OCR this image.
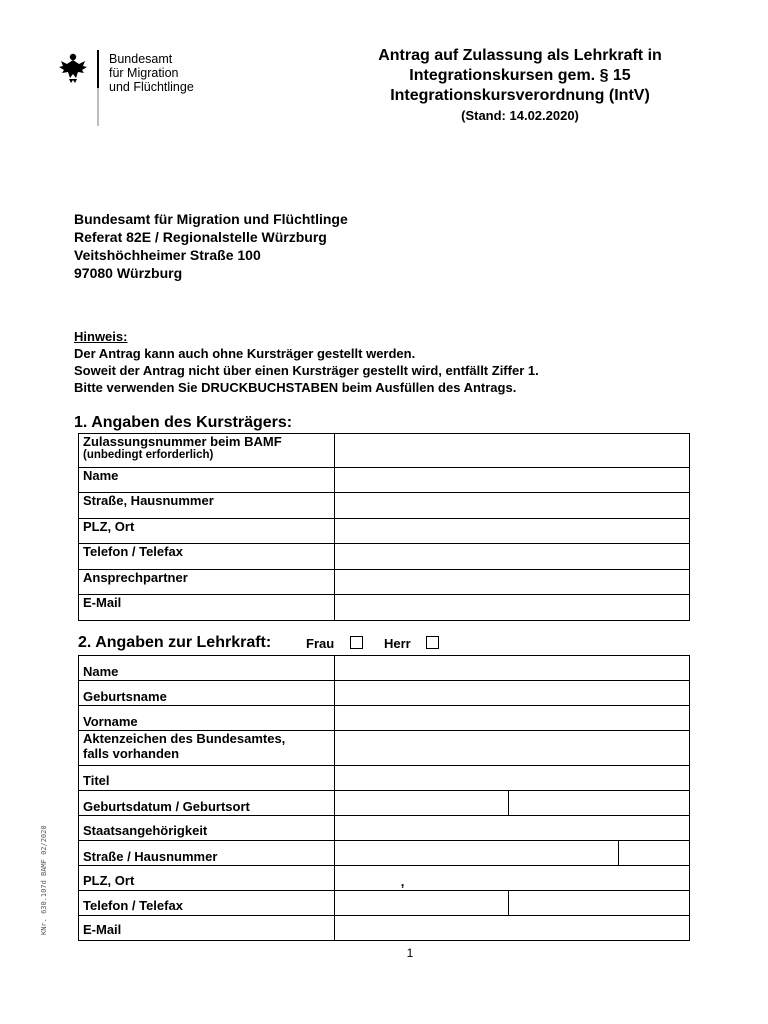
Bundesamt
für Migration
und Flüchtlinge
Antrag auf Zulassung als Lehrkraft in
Integrationskursen gem. § 15
Integrationskursverordnung (IntV)
(Stand: 14.02.2020)
Bundesamt für Migration und Flüchtlinge
Referat 82E / Regionalstelle Würzburg
Veitshöchheimer Straße 100
97080 Würzburg
Hinweis:
Der Antrag kann auch ohne Kursträger gestellt werden.
Soweit der Antrag nicht über einen Kursträger gestellt wird, entfällt Ziffer 1.
Bitte verwenden Sie DRUCKBUCHSTABEN beim Ausfüllen des Antrags.
1. Angaben des Kursträgers:
Zulassungsnummer beim BAMF
(unbedingt erforderlich)	

Name	
Straße, Hausnummer	
PLZ, Ort	
Telefon / Telefax	
Ansprechpartner	
E-Mail	
2. Angaben zur Lehrkraft:	Frau	Herr
Name	
Geburtsname	
Vorname	

Aktenzeichen des Bundesamtes,
falls vorhanden	

Titel	
Geburtsdatum / Geburtsort	

Staatsangehörigkeit	
Straße / Hausnummer	

PLZ, Ort	,

Telefon / Telefax	

E-Mail	
1
KNr. 630.107d BAMF 02/2020
